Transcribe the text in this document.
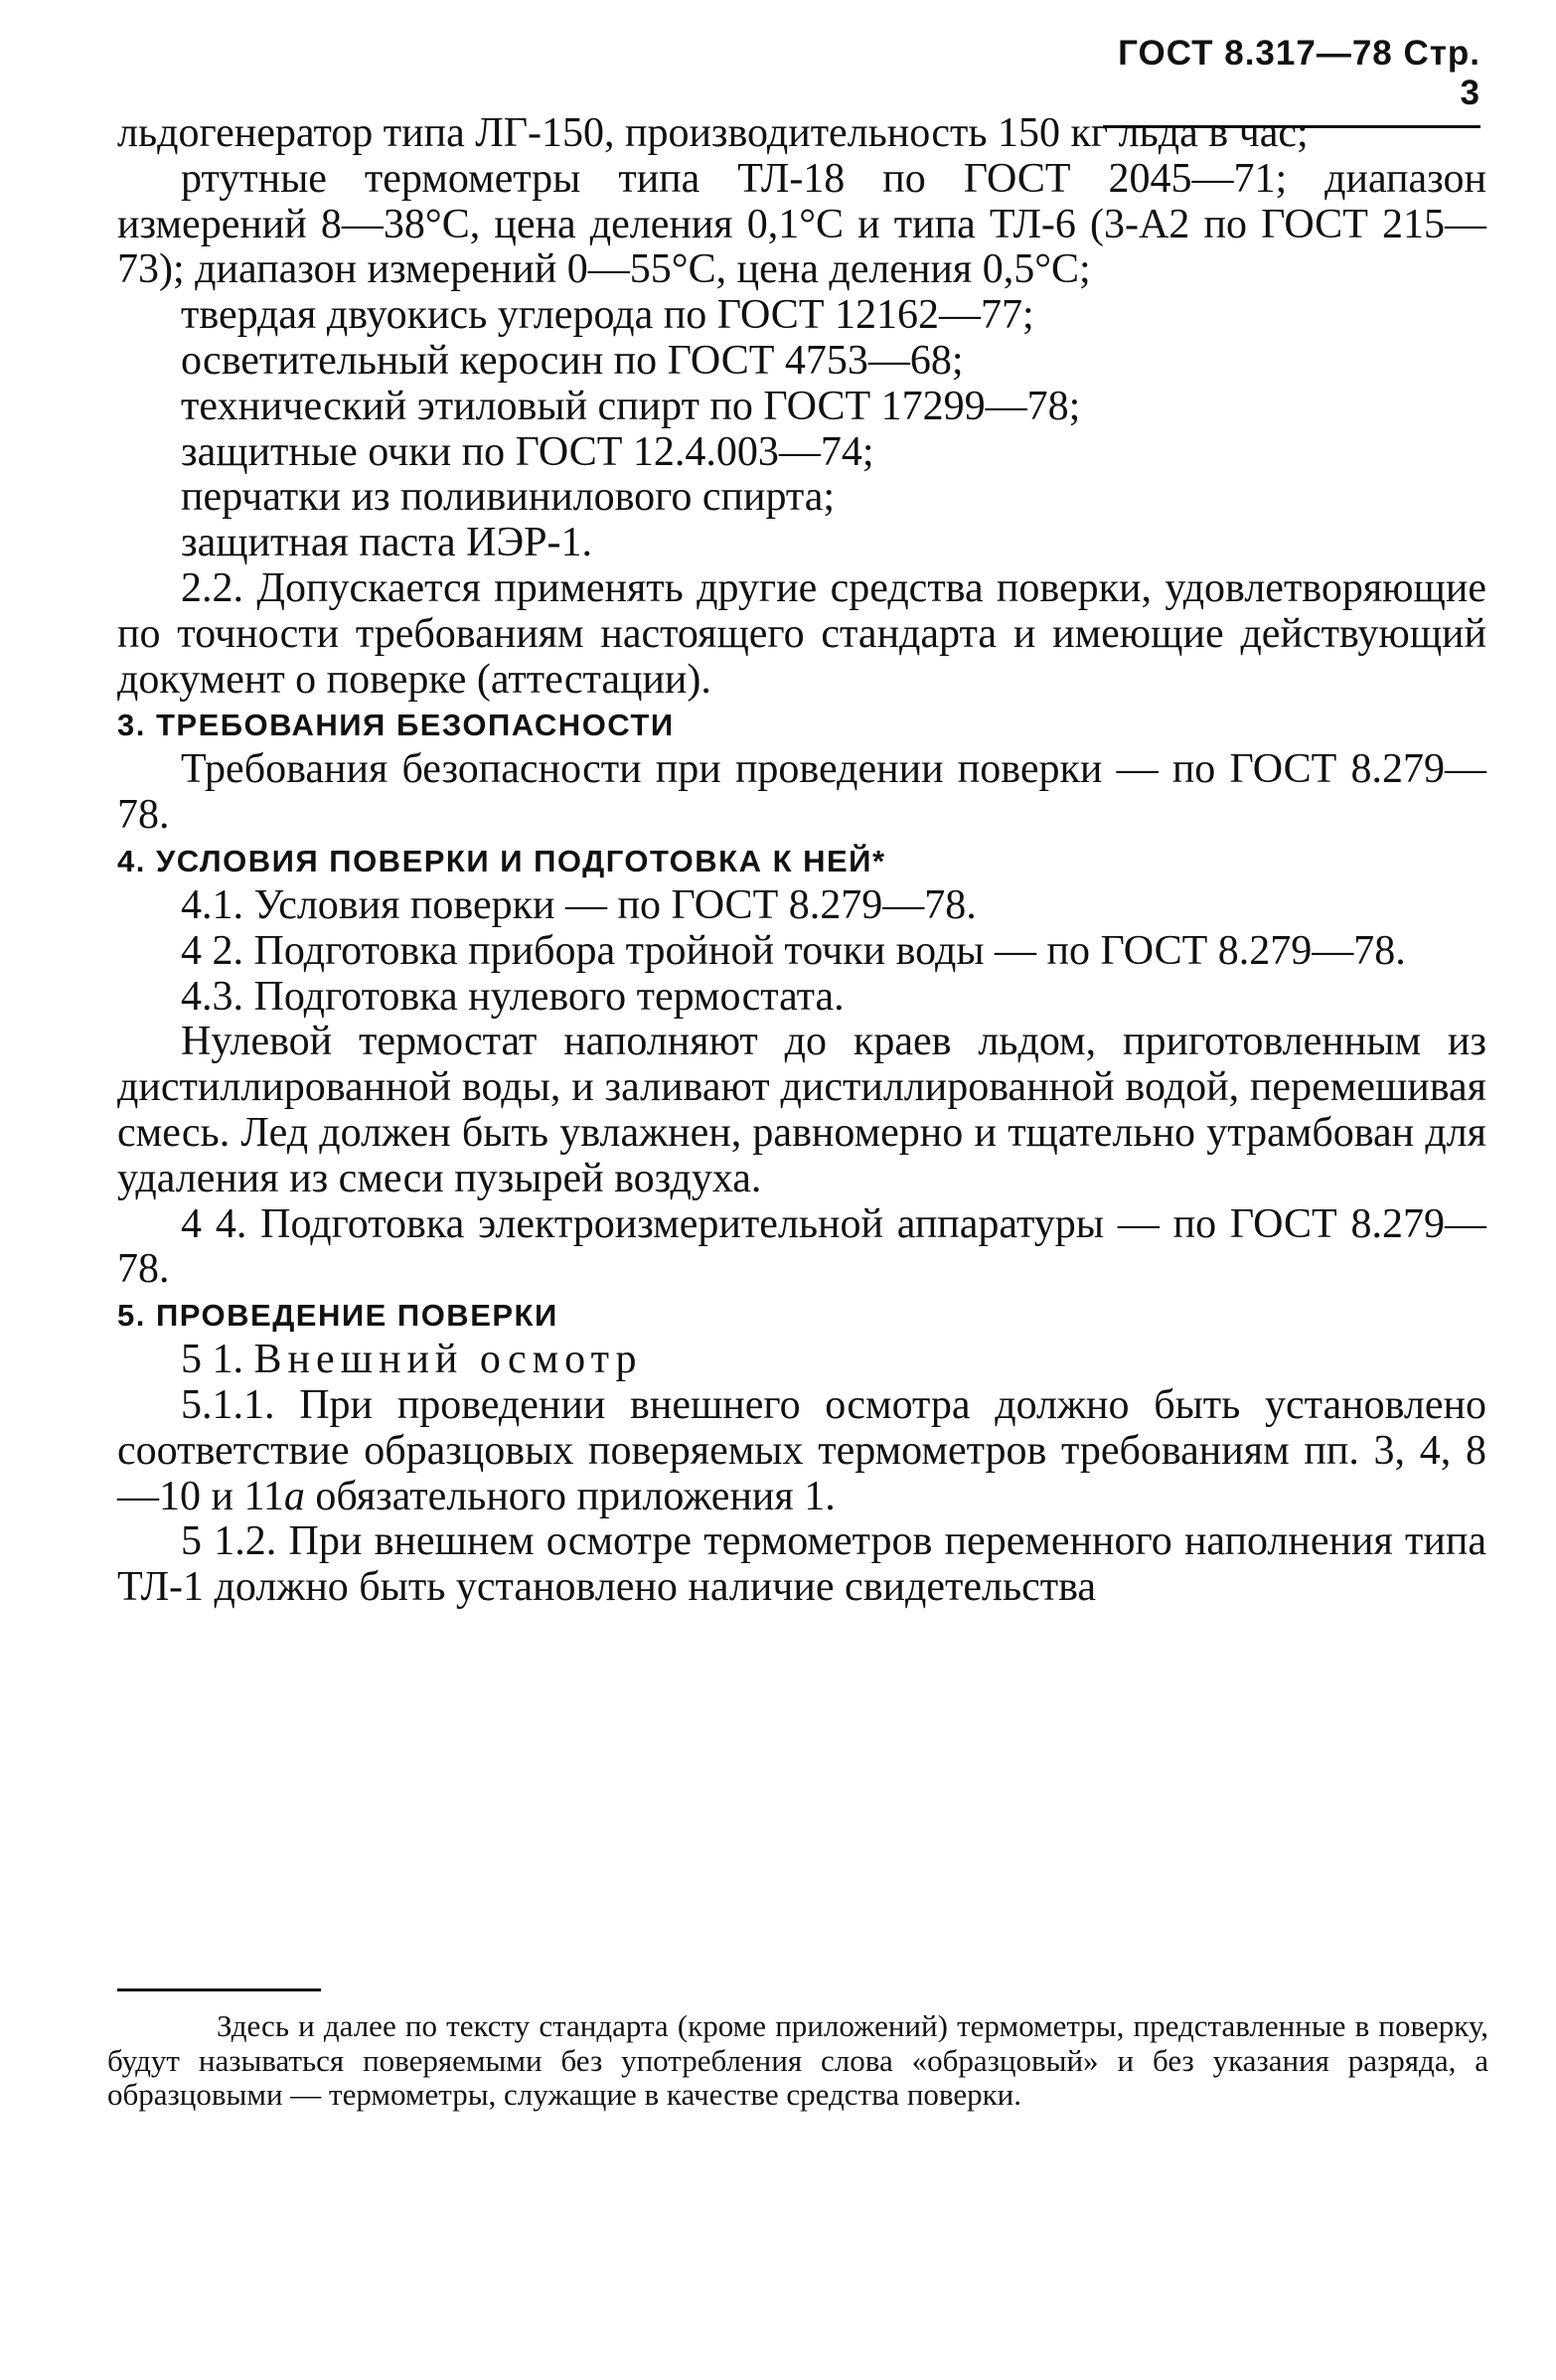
ГОСТ 8.317—78 Стр. 3

льдогенератор типа ЛГ-150, производительность 150 кг льда в час;

ртутные термометры типа ТЛ-18 по ГОСТ 2045—71; диапазон измерений 8—38°С, цена деления 0,1°С и типа ТЛ-6 (3-А2 по ГОСТ 215—73); диапазон измерений 0—55°С, цена деления 0,5°С;

твердая двуокись углерода по ГОСТ 12162—77;

осветительный керосин по ГОСТ 4753—68;

технический этиловый спирт по ГОСТ 17299—78;

защитные очки по ГОСТ 12.4.003—74;

перчатки из поливинилового спирта;

защитная паста ИЭР-1.

2.2. Допускается применять другие средства поверки, удовлетворяющие по точности требованиям настоящего стандарта и имеющие действующий документ о поверке (аттестации).

3. ТРЕБОВАНИЯ БЕЗОПАСНОСТИ

Требования безопасности при проведении поверки — по ГОСТ 8.279—78.

4. УСЛОВИЯ ПОВЕРКИ И ПОДГОТОВКА К НЕЙ*

4.1. Условия поверки — по ГОСТ 8.279—78.

4 2. Подготовка прибора тройной точки воды — по ГОСТ 8.279—78.

4.3. Подготовка нулевого термостата.

Нулевой термостат наполняют до краев льдом, приготовленным из дистиллированной воды, и заливают дистиллированной водой, перемешивая смесь. Лед должен быть увлажнен, равномерно и тщательно утрамбован для удаления из смеси пузырей воздуха.

4 4. Подготовка электроизмерительной аппаратуры — по ГОСТ 8.279—78.

5. ПРОВЕДЕНИЕ ПОВЕРКИ

5 1. Внешний осмотр

5.1.1. При проведении внешнего осмотра должно быть установлено соответствие образцовых поверяемых термометров требованиям пп. 3, 4, 8—10 и 11а обязательного приложения 1.

5 1.2. При внешнем осмотре термометров переменного наполнения типа ТЛ-1 должно быть установлено наличие свидетельства

Здесь и далее по тексту стандарта (кроме приложений) термометры, представленные в поверку, будут называться поверяемыми без употребления слова «образцовый» и без указания разряда, а образцовыми — термометры, служащие в качестве средства поверки.
